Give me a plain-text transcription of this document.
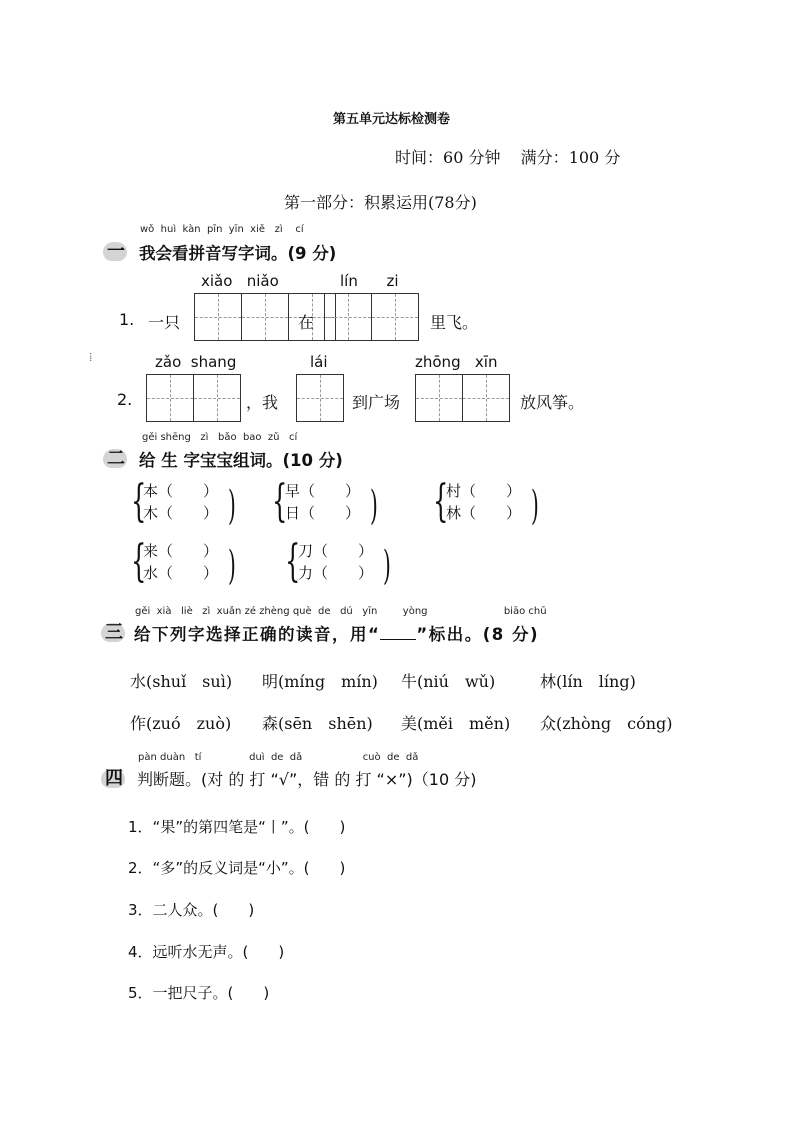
第五单元达标检测卷
时间：60 分钟 满分：100 分
第一部分：积累运用(78分)
⁞
wǒ huì kàn pīn yīn xiě zì cí
一 我会看拼音写字词。(9 分)
xiǎo niǎo	lín zi
1. 一只	在	里飞。
zǎo shang	lái	zhōng xīn
2.	，我	到广场	放风筝。
gěi shēng zì bǎo bao zǔ cí
二 给 生 字宝宝组词。(10 分)
{
本（　　）
木（　　） ) {
早（　　）
日（　　） ) {
村（　　）
林（　　） )
{
来（　　）
水（　　） ) {
刀（　　）
力（　　） )
gěi xià liè zì xuǎn zé zhèng què de dú yīn	yòng	biāo chū
三 给下列字选择正确的读音，用“ ”标出。(8 分)
水(shuǐ　suì) 明(míng　mín) 牛(niú　wǔ)	林(lín　líng)
作(zuó　zuò) 森(sēn　shēn) 美(měi　měn) 众(zhòng　cóng)
pàn duàn tí	duì de dǎ	cuò de dǎ
四 判断题。(对 的 打 “√”，错 的 打 “×”)（10 分)
1．“果”的第四笔是“丨”。(　　)
2．“多”的反义词是“小”。(　　)
3．二人众。(　　)
4．远听水无声。(　　)
5．一把尺子。(　　)
